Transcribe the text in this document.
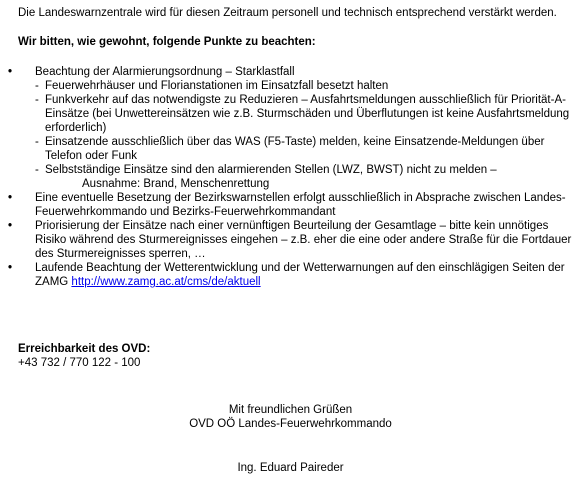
Die Landeswarnzentrale wird für diesen Zeitraum personell und technisch entsprechend verstärkt werden.
Wir bitten, wie gewohnt, folgende Punkte zu beachten:
• Beachtung der Alarmierungsordnung – Starklastfall
- Feuerwehrhäuser und Florianstationen im Einsatzfall besetzt halten
- Funkverkehr auf das notwendigste zu Reduzieren – Ausfahrtsmeldungen ausschließlich für Priorität-A-Einsätze (bei Unwettereinsätzen wie z.B. Sturmschäden und Überflutungen ist keine Ausfahrtsmeldung erforderlich)
- Einsatzende ausschließlich über das WAS (F5-Taste) melden, keine Einsatzende-Meldungen über Telefon oder Funk
- Selbstständige Einsätze sind den alarmierenden Stellen (LWZ, BWST) nicht zu melden –
Ausnahme: Brand, Menschenrettung
• Eine eventuelle Besetzung der Bezirkswarnstellen erfolgt ausschließlich in Absprache zwischen Landes-Feuerwehrkommando und Bezirks-Feuerwehrkommandant
• Priorisierung der Einsätze nach einer vernünftigen Beurteilung der Gesamtlage – bitte kein unnötiges Risiko während des Sturmereignisses eingehen – z.B. eher die eine oder andere Straße für die Fortdauer des Sturmereignisses sperren, …
• Laufende Beachtung der Wetterentwicklung und der Wetterwarnungen auf den einschlägigen Seiten der ZAMG http://www.zamg.ac.at/cms/de/aktuell
Erreichbarkeit des OVD:
+43 732 / 770 122 - 100
Mit freundlichen Grüßen
OVD OÖ Landes-Feuerwehrkommando
Ing. Eduard Paireder
